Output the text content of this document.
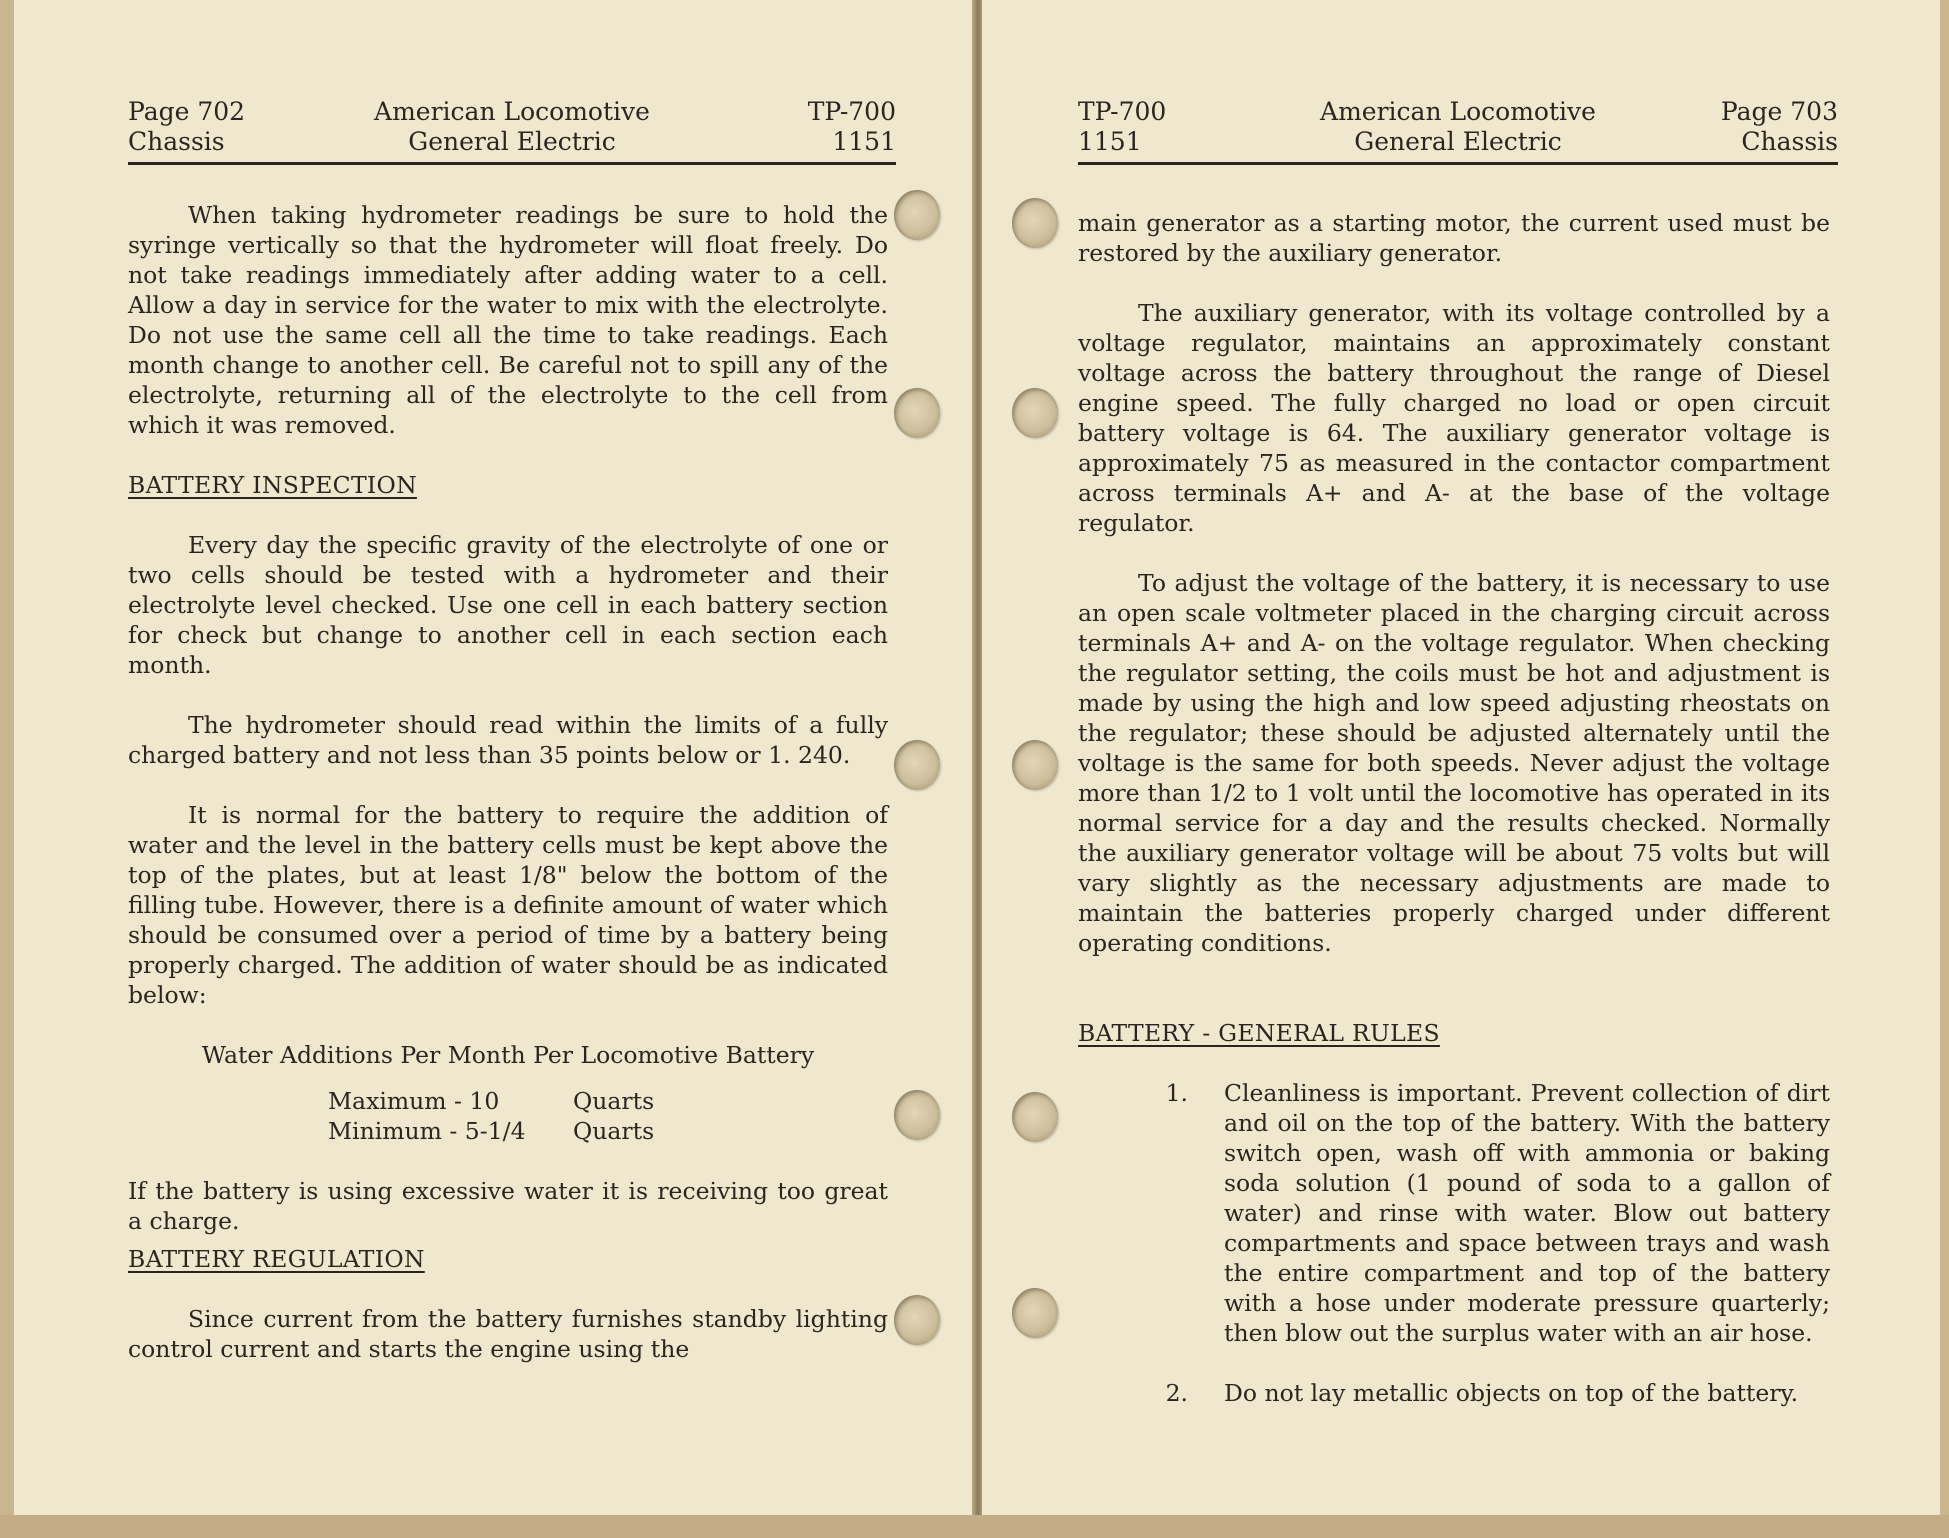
Page 702
Chassis
American Locomotive
General Electric
TP-700
1151

When taking hydrometer readings be sure to hold the syringe vertically so that the hydrometer will float freely. Do not take readings immediately after adding water to a cell. Allow a day in service for the water to mix with the electrolyte. Do not use the same cell all the time to take readings. Each month change to another cell. Be careful not to spill any of the electrolyte, returning all of the electrolyte to the cell from which it was removed.

BATTERY INSPECTION

Every day the specific gravity of the electrolyte of one or two cells should be tested with a hydrometer and their electrolyte level checked. Use one cell in each battery section for check but change to another cell in each section each month.

The hydrometer should read within the limits of a fully charged battery and not less than 35 points below or 1. 240.

It is normal for the battery to require the addition of water and the level in the battery cells must be kept above the top of the plates, but at least 1/8" below the bottom of the filling tube. However, there is a definite amount of water which should be consumed over a period of time by a battery being properly charged. The addition of water should be as indicated below:

Water Additions Per Month Per Locomotive Battery
Maximum - 10	Quarts
Minimum - 5-1/4	Quarts

If the battery is using excessive water it is receiving too great a charge.

BATTERY REGULATION

Since current from the battery furnishes standby lighting control current and starts the engine using the

TP-700
1151
American Locomotive
General Electric
Page 703
Chassis

main generator as a starting motor, the current used must be restored by the auxiliary generator.

The auxiliary generator, with its voltage controlled by a voltage regulator, maintains an approximately constant voltage across the battery throughout the range of Diesel engine speed. The fully charged no load or open circuit battery voltage is 64. The auxiliary generator voltage is approximately 75 as measured in the contactor compartment across terminals A+ and A- at the base of the voltage regulator.

To adjust the voltage of the battery, it is necessary to use an open scale voltmeter placed in the charging circuit across terminals A+ and A- on the voltage regulator. When checking the regulator setting, the coils must be hot and adjustment is made by using the high and low speed adjusting rheostats on the regulator; these should be adjusted alternately until the voltage is the same for both speeds. Never adjust the voltage more than 1/2 to 1 volt until the locomotive has operated in its normal service for a day and the results checked. Normally the auxiliary generator voltage will be about 75 volts but will vary slightly as the necessary adjustments are made to maintain the batteries properly charged under different operating conditions.

BATTERY - GENERAL RULES
1. Cleanliness is important. Prevent collection of dirt and oil on the top of the battery. With the battery switch open, wash off with ammonia or baking soda solution (1 pound of soda to a gallon of water) and rinse with water. Blow out battery compartments and space between trays and wash the entire compartment and top of the battery with a hose under moderate pressure quarterly; then blow out the surplus water with an air hose.
2. Do not lay metallic objects on top of the battery.
